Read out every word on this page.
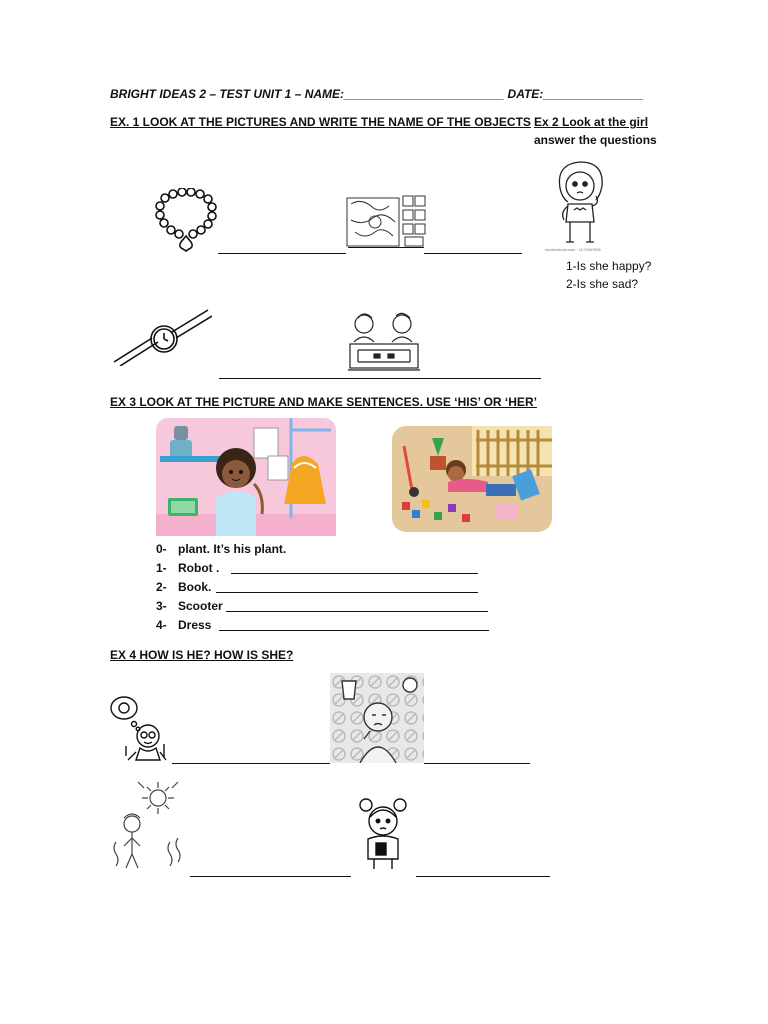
BRIGHT IDEAS 2 – TEST UNIT 1 – NAME:________________________ DATE:_______________
EX. 1 LOOK AT THE PICTURES AND WRITE THE NAME OF THE OBJECTS Ex 2 Look at the girl
answer the questions
shutterstock.com · 1171587635
1-Is she happy?
2-Is she sad?
EX 3 LOOK AT THE PICTURE AND MAKE SENTENCES. USE ‘HIS’ OR ‘HER’
0- plant. It’s his plant.
1- Robot .
2- Book.
3- Scooter
4- Dress
EX 4 HOW IS HE? HOW IS SHE?
